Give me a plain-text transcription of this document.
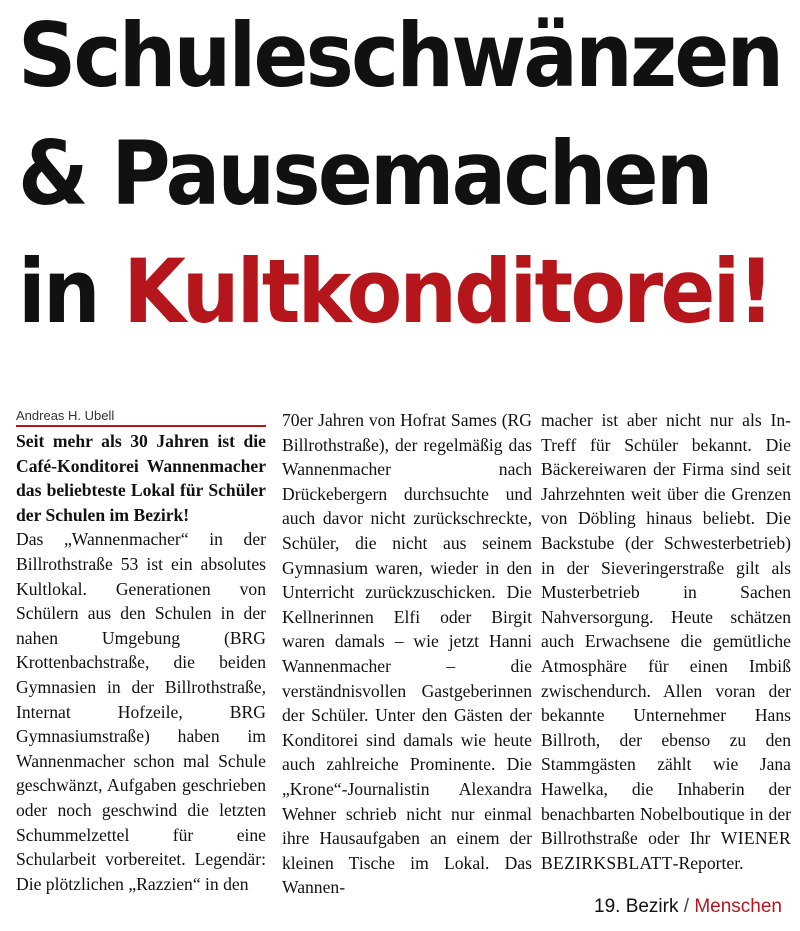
Schuleschwänzen
& Pausemachen
in Kultkonditorei!
Andreas H. Ubell

Seit mehr als 30 Jahren ist die Café-Konditorei Wannenmacher das beliebteste Lokal für Schüler der Schulen im Bezirk!

Das „Wannenmacher“ in der Billrothstraße 53 ist ein absolutes Kultlokal. Generationen von Schülern aus den Schulen in der nahen Umgebung (BRG Krottenbachstraße, die beiden Gymnasien in der Billrothstraße, Internat Hofzeile, BRG Gymnasiumstraße) haben im Wannenmacher schon mal Schule geschwänzt, Aufgaben geschrieben oder noch geschwind die letzten Schummelzettel für eine Schularbeit vorbereitet. Legendär: Die plötzlichen „Razzien“ in den

70er Jahren von Hofrat Sames (RG Billrothstraße), der regelmäßig das Wannenmacher nach Drückebergern durchsuchte und auch davor nicht zurückschreckte, Schüler, die nicht aus seinem Gymnasium waren, wieder in den Unterricht zurückzuschicken. Die Kellnerinnen Elfi oder Birgit waren damals – wie jetzt Hanni Wannenmacher – die verständnisvollen Gastgeberinnen der Schüler. Unter den Gästen der Konditorei sind damals wie heute auch zahlreiche Prominente. Die „Krone“-Journalistin Alexandra Wehner schrieb nicht nur einmal ihre Hausaufgaben an einem der kleinen Tische im Lokal. Das Wannen-

macher ist aber nicht nur als In-Treff für Schüler bekannt. Die Bäckereiwaren der Firma sind seit Jahrzehnten weit über die Grenzen von Döbling hinaus beliebt. Die Backstube (der Schwesterbetrieb) in der Sieveringerstraße gilt als Musterbetrieb in Sachen Nahversorgung. Heute schätzen auch Erwachsene die gemütliche Atmosphäre für einen Imbiß zwischendurch. Allen voran der bekannte Unternehmer Hans Billroth, der ebenso zu den Stammgästen zählt wie Jana Hawelka, die Inhaberin der benachbarten Nobelboutique in der Billrothstraße oder Ihr WIENER BEZIRKSBLATT-Reporter.

19. Bezirk / Menschen
